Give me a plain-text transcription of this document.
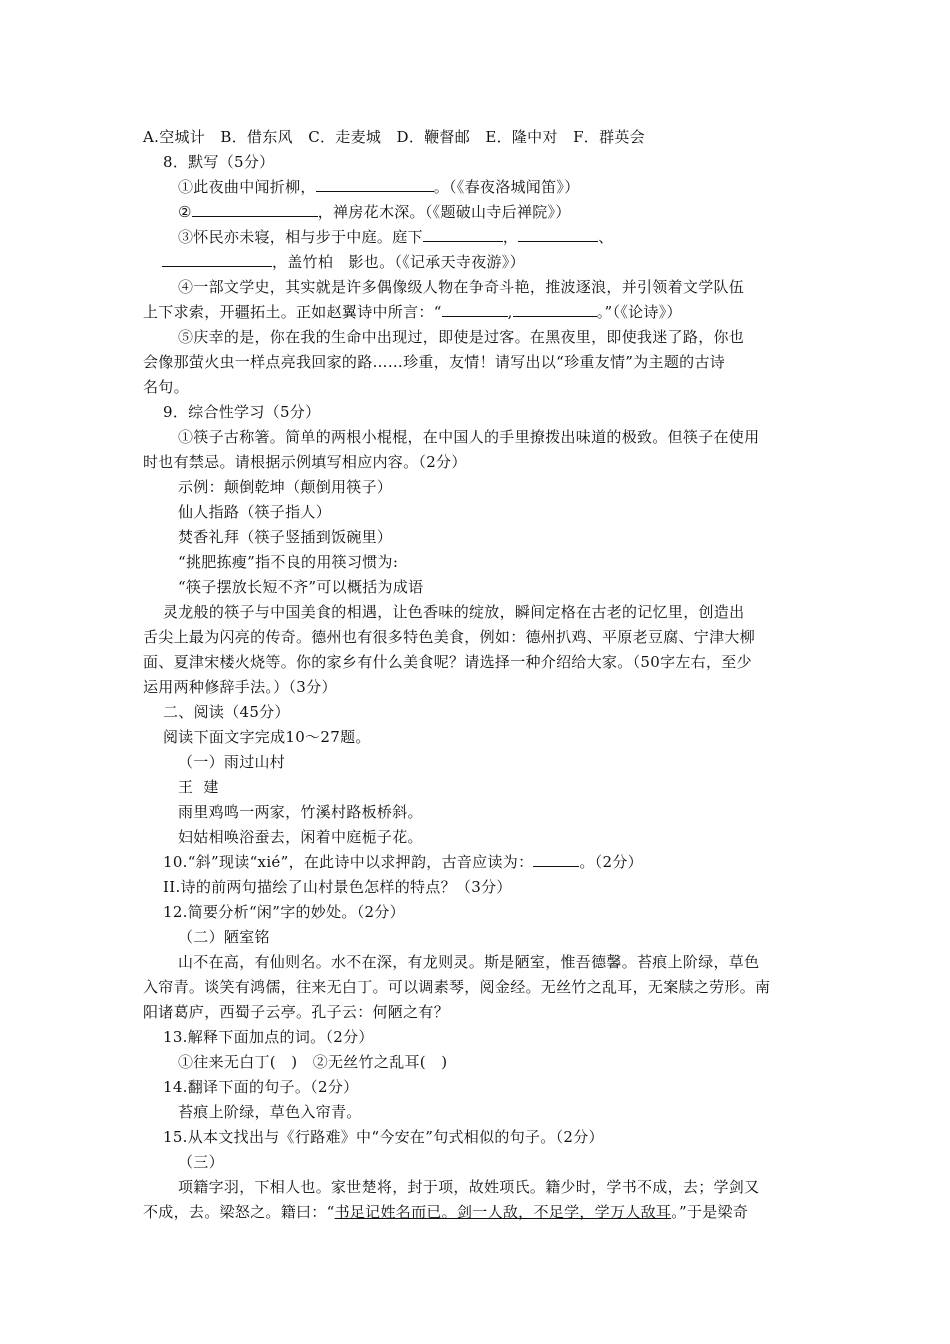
A.空城计　B．借东风　C．走麦城　D．鞭督邮　E．隆中对　F．群英会
8．默写（5分）
①此夜曲中闻折柳，	。（《春夜洛城闻笛》）
②	，禅房花木深。（《题破山寺后禅院》）
③怀民亦未寝，相与步于中庭。庭下	，	、
，盖竹柏　影也。（《记承天寺夜游》）
④一部文学史，其实就是许多偶像级人物在争奇斗艳，推波逐浪，并引领着文学队伍
上下求索，开疆拓土。正如赵翼诗中所言：“	,	。”（《论诗》）
⑤庆幸的是，你在我的生命中出现过，即使是过客。在黑夜里，即使我迷了路，你也
会像那萤火虫一样点亮我回家的路……珍重，友情！请写出以“珍重友情”为主题的古诗
名句。
9．综合性学习（5分）
①筷子古称箸。简单的两根小棍棍，在中国人的手里撩拨出味道的极致。但筷子在使用
时也有禁忌。请根据示例填写相应内容。（2分）
示例：颠倒乾坤（颠倒用筷子）
仙人指路（筷子指人）
焚香礼拜（筷子竖插到饭碗里）
“挑肥拣瘦”指不良的用筷习惯为:
“筷子摆放长短不齐”可以概括为成语
灵龙般的筷子与中国美食的相遇，让色香味的绽放，瞬间定格在古老的记忆里，创造出
舌尖上最为闪亮的传奇。德州也有很多特色美食，例如：德州扒鸡、平原老豆腐、宁津大柳
面、夏津宋楼火烧等。你的家乡有什么美食呢？请选择一种介绍给大家。（50字左右，至少
运用两种修辞手法。）（3分）
二、阅读（45分）
阅读下面文字完成10～27题。
（一）雨过山村
王  建
雨里鸡鸣一两家，竹溪村路板桥斜。
妇姑相唤浴蚕去，闲着中庭栀子花。
10.“斜”现读“xié”，在此诗中以求押韵，古音应读为：	。（2分）
II.诗的前两句描绘了山村景色怎样的特点？（3分）
12.简要分析“闲”字的妙处。（2分）
（二）陋室铭
山不在高，有仙则名。水不在深，有龙则灵。斯是陋室，惟吾德馨。苔痕上阶绿，草色
入帘青。谈笑有鸿儒，往来无白丁。可以调素琴，阅金经。无丝竹之乱耳，无案牍之劳形。南
阳诸葛庐，西蜀子云亭。孔子云：何陋之有？
13.解释下面加点的词。（2分）
①往来无白丁(　)　②无丝竹之乱耳(　)
14.翻译下面的句子。（2分）
苔痕上阶绿，草色入帘青。
15.从本文找出与《行路难》中“今安在”句式相似的句子。（2分）
（三）
项籍字羽，下相人也。家世楚将，封于项，故姓项氏。籍少时，学书不成，去；学剑又
不成，去。梁怒之。籍曰：“书足记姓名而已。剑一人敌，不足学，学万人敌耳。”于是梁奇
